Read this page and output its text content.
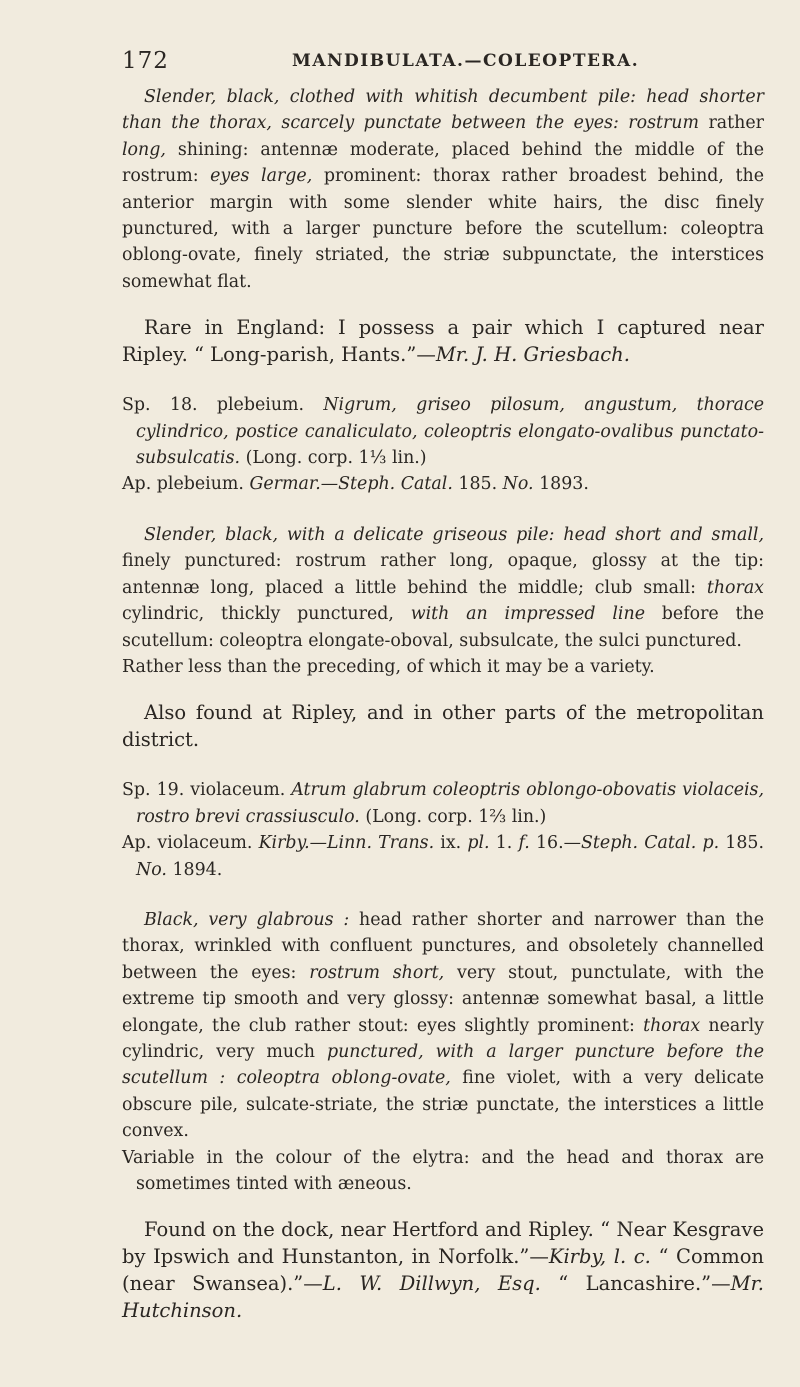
172	MANDIBULATA.—COLEOPTERA.

Slender, black, clothed with whitish decumbent pile: head shorter than the thorax, scarcely punctate between the eyes: rostrum rather long, shining: antennæ moderate, placed behind the middle of the rostrum: eyes large, prominent: thorax rather broadest behind, the anterior margin with some slender white hairs, the disc finely punctured, with a larger puncture before the scutellum: coleoptra oblong-ovate, finely striated, the striæ subpunctate, the interstices somewhat flat.

Rare in England: I possess a pair which I captured near Ripley. “ Long-parish, Hants.”—Mr. J. H. Griesbach.

Sp. 18. plebeium. Nigrum, griseo pilosum, angustum, thorace cylindrico, postice canaliculato, coleoptris elongato-ovalibus punctato-subsulcatis. (Long. corp. 1⅓ lin.)

Ap. plebeium. Germar.—Steph. Catal. 185. No. 1893.

Slender, black, with a delicate griseous pile: head short and small, finely punctured: rostrum rather long, opaque, glossy at the tip: antennæ long, placed a little behind the middle; club small: thorax cylindric, thickly punctured, with an impressed line before the scutellum: coleoptra elongate-oboval, subsulcate, the sulci punctured.

Rather less than the preceding, of which it may be a variety.

Also found at Ripley, and in other parts of the metropolitan district.

Sp. 19. violaceum. Atrum glabrum coleoptris oblongo-obovatis violaceis, rostro brevi crassiusculo. (Long. corp. 1⅔ lin.)

Ap. violaceum. Kirby.—Linn. Trans. ix. pl. 1. f. 16.—Steph. Catal. p. 185. No. 1894.

Black, very glabrous : head rather shorter and narrower than the thorax, wrinkled with confluent punctures, and obsoletely channelled between the eyes: rostrum short, very stout, punctulate, with the extreme tip smooth and very glossy: antennæ somewhat basal, a little elongate, the club rather stout: eyes slightly prominent: thorax nearly cylindric, very much punctured, with a larger puncture before the scutellum : coleoptra oblong-ovate, fine violet, with a very delicate obscure pile, sulcate-striate, the striæ punctate, the interstices a little convex.

Variable in the colour of the elytra: and the head and thorax are sometimes tinted with æneous.

Found on the dock, near Hertford and Ripley. “ Near Kesgrave by Ipswich and Hunstanton, in Norfolk.”—Kirby, l. c. “ Common (near Swansea).”—L. W. Dillwyn, Esq. “ Lancashire.”—Mr. Hutchinson.
